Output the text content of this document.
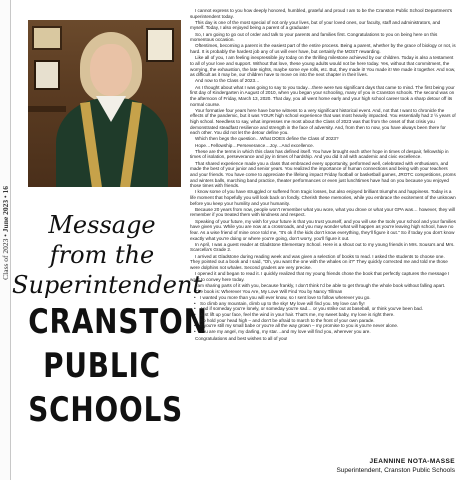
Class of 2023 • June 2023 • 16
Message
from the
Superintendent
CRANSTON
PUBLIC
SCHOOLS

I cannot express to you how deeply honored, humbled, grateful and proud I am to be the Cranston Public School Department's superintendent today.

This day is one of the most special of not only your lives, but of your loved ones, our faculty, staff and administrators, and myself. Today, I also enjoyed being a parent of a graduate!

So, I am going to go out of order and talk to your parents and families first. Congratulations to you on being here on this momentous occasion.

Oftentimes, becoming a parent is the easiest part of the entire process. Being a parent, whether by the grace of biology or not, is hard. It is probably the hardest job any of us will ever have, but certainly the MOST rewarding.

Like all of you, I am feeling inexpressible joy today on the thrilling milestone achieved by our children. Today is also a testament to all of your love and support. Without that love, these young adults would not be here today. Yes, without that commitment, the worrying, the exhaustion, the late nights, maybe some eye rolls, etc. But, they made it! You made it! We made it together. And now, as difficult as it may be, our children have to move on into the next chapter in their lives.

And now to the Class of 2023…

As I thought about what I was going to say to you today…there were two significant days that came to mind. The first being your first day of Kindergarten in August of 2010, when you began your schooling, many of you in Cranston schools. The second was on the afternoon of Friday, March 13, 2020. That day, you all went home early and your high school career took a sharp detour off its normal course.

Your formative four years here have borne witness to a very significant historical event. And, not that I want to chronicle the effects of the pandemic, but it was YOUR high school experience that was most heavily impacted. You essentially had 2 ½ years of high school. Needless to say, what impresses me most about the Class of 2023 was that from the onset of that crisis you demonstrated steadfast resilience and strength in the face of adversity. And, from then to now, you have always been there for each other. You did not let the detour define you.

Which then begs the question…What DOES define the Class of 2023?

Hope…Fellowship…Perseverance…Joy…And excellence.

These are the terms in which this class has defined itself. You have brought each other hope in times of despair, fellowship in times of isolation, perseverance and joy in times of hardship. And you did it all with academic and civic excellence.

That shared experience made you a class that embraced every opportunity, performed well, celebrated with enthusiasm, and made the best of your junior and senior years. You realized the importance of human connections and being with your teachers and your friends. You have come to appreciate the lifelong impact Friday football or basketball games, JROTC competitions, proms and winters balls, marching band practice, theater performances or even just lunchtimes have had on you because you enjoyed those times with friends.

I know some of you have struggled or suffered from tragic losses, but also enjoyed brilliant triumphs and happiness. Today is a life moment that hopefully you will look back on fondly. Cherish these memories, while you embrace the excitement of the unknown before you keep your humility and your humanity.

Because 20 years from now, people won't remember what you wore, what you drove or what your GPA was… however, they will remember if you treated them with kindness and respect.

Speaking of your future, my wish for your future is that you trust yourself, and you will use the tools your school and your families have given you. While you are now at a crossroads, and you may wonder what will happen as you're leaving high school, have no fear. As a wise friend of mine once told me, "It's ok if the kids don't know everything, they'll figure it out." So if today you don't know exactly what you're doing or where you're going, don't worry, you'll figure it out.

In April, I was a guest reader at Gladstone Elementary School. Here is a shout out to my young friends in Mrs. Sousa's and Mrs. Scarcella's Grade 2.

I arrived at Gladstone during reading week and was given a selection of books to read. I asked the students to choose one. They pointed out a book and I said, "Oh, you want the one with the whales on it?" They quickly corrected me and told me those were dolphins not whales. Second graders are very precise.

I opened it and began to read it. I quickly realized that my young friends chose the book that perfectly captures the message I want to convey here today.

I am sharing parts of it with you, because frankly, I don't think I'd be able to get through the whole book without falling apart.

The book is: Wherever You Are, My Love Will Find You by Nancy Tillman

• I wanted you more than you will ever know, so I sent love to follow wherever you go.
• So climb any mountain, climb up to the sky! My love will find you. My love can fly!
• And if someday you're lonely, or someday you're sad… or you strike out at baseball, or think you've been bad.
• Just lift up your face, feel the wind in your hair. That's me, my sweet baby, my love is right there.
• So hold your head high – and don't be afraid to march to the front of your own parade.
• If you're still my small babe or you're all the way grown – my promise to you is you're never alone.
• You are my angel, my darling, my star…and my love will find you, wherever you are.

Congratulations and best wishes to all of you!

JEANNINE NOTA-MASSE
Superintendent, Cranston Public Schools
